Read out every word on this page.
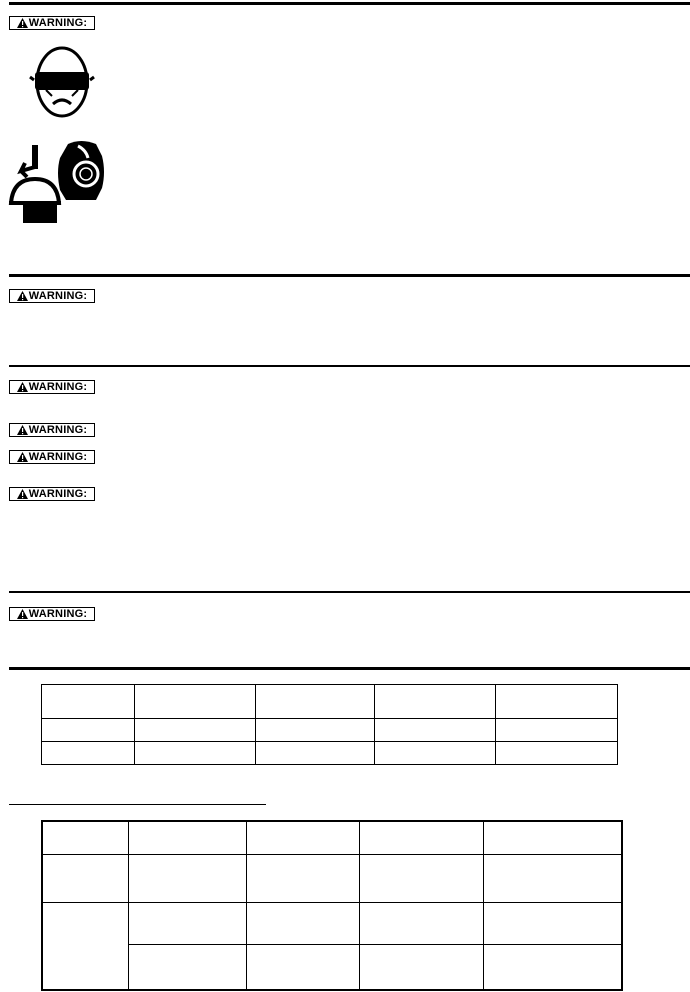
WARNING:
WARNING:
WARNING:
WARNING:
WARNING:
WARNING:
WARNING:
